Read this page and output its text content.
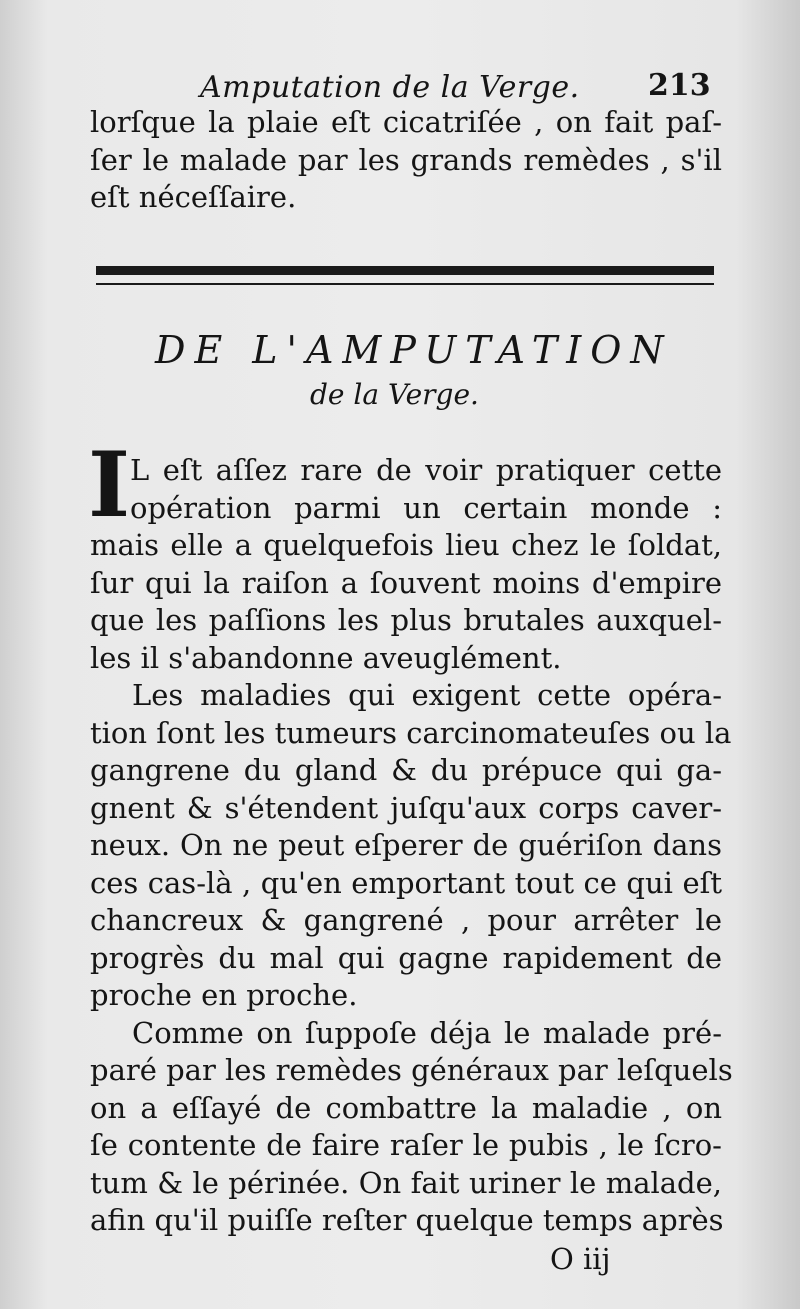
Amputation de la Verge. 213
lorſque la plaie eſt cicatriſée , on fait paſ-
ſer le malade par les grands remèdes , s'il
eſt néceſſaire.
DE L'AMPUTATION
de la Verge.
I L eſt aſſez rare de voir pratiquer cette
opération parmi un certain monde :
mais elle a quelquefois lieu chez le ſoldat,
ſur qui la raiſon a ſouvent moins d'empire
que les paſſions les plus brutales auxquel-
les il s'abandonne aveuglément.
Les maladies qui exigent cette opéra-
tion ſont les tumeurs carcinomateuſes ou la
gangrene du gland & du prépuce qui ga-
gnent & s'étendent juſqu'aux corps caver-
neux. On ne peut eſperer de guériſon dans
ces cas-là , qu'en emportant tout ce qui eſt
chancreux & gangrené , pour arrêter le
progrès du mal qui gagne rapidement de
proche en proche.
Comme on ſuppoſe déja le malade pré-
paré par les remèdes généraux par leſquels
on a eſſayé de combattre la maladie , on
ſe contente de faire raſer le pubis , le ſcro-
tum & le périnée. On fait uriner le malade,
afin qu'il puiſſe reſter quelque temps après
O iij
